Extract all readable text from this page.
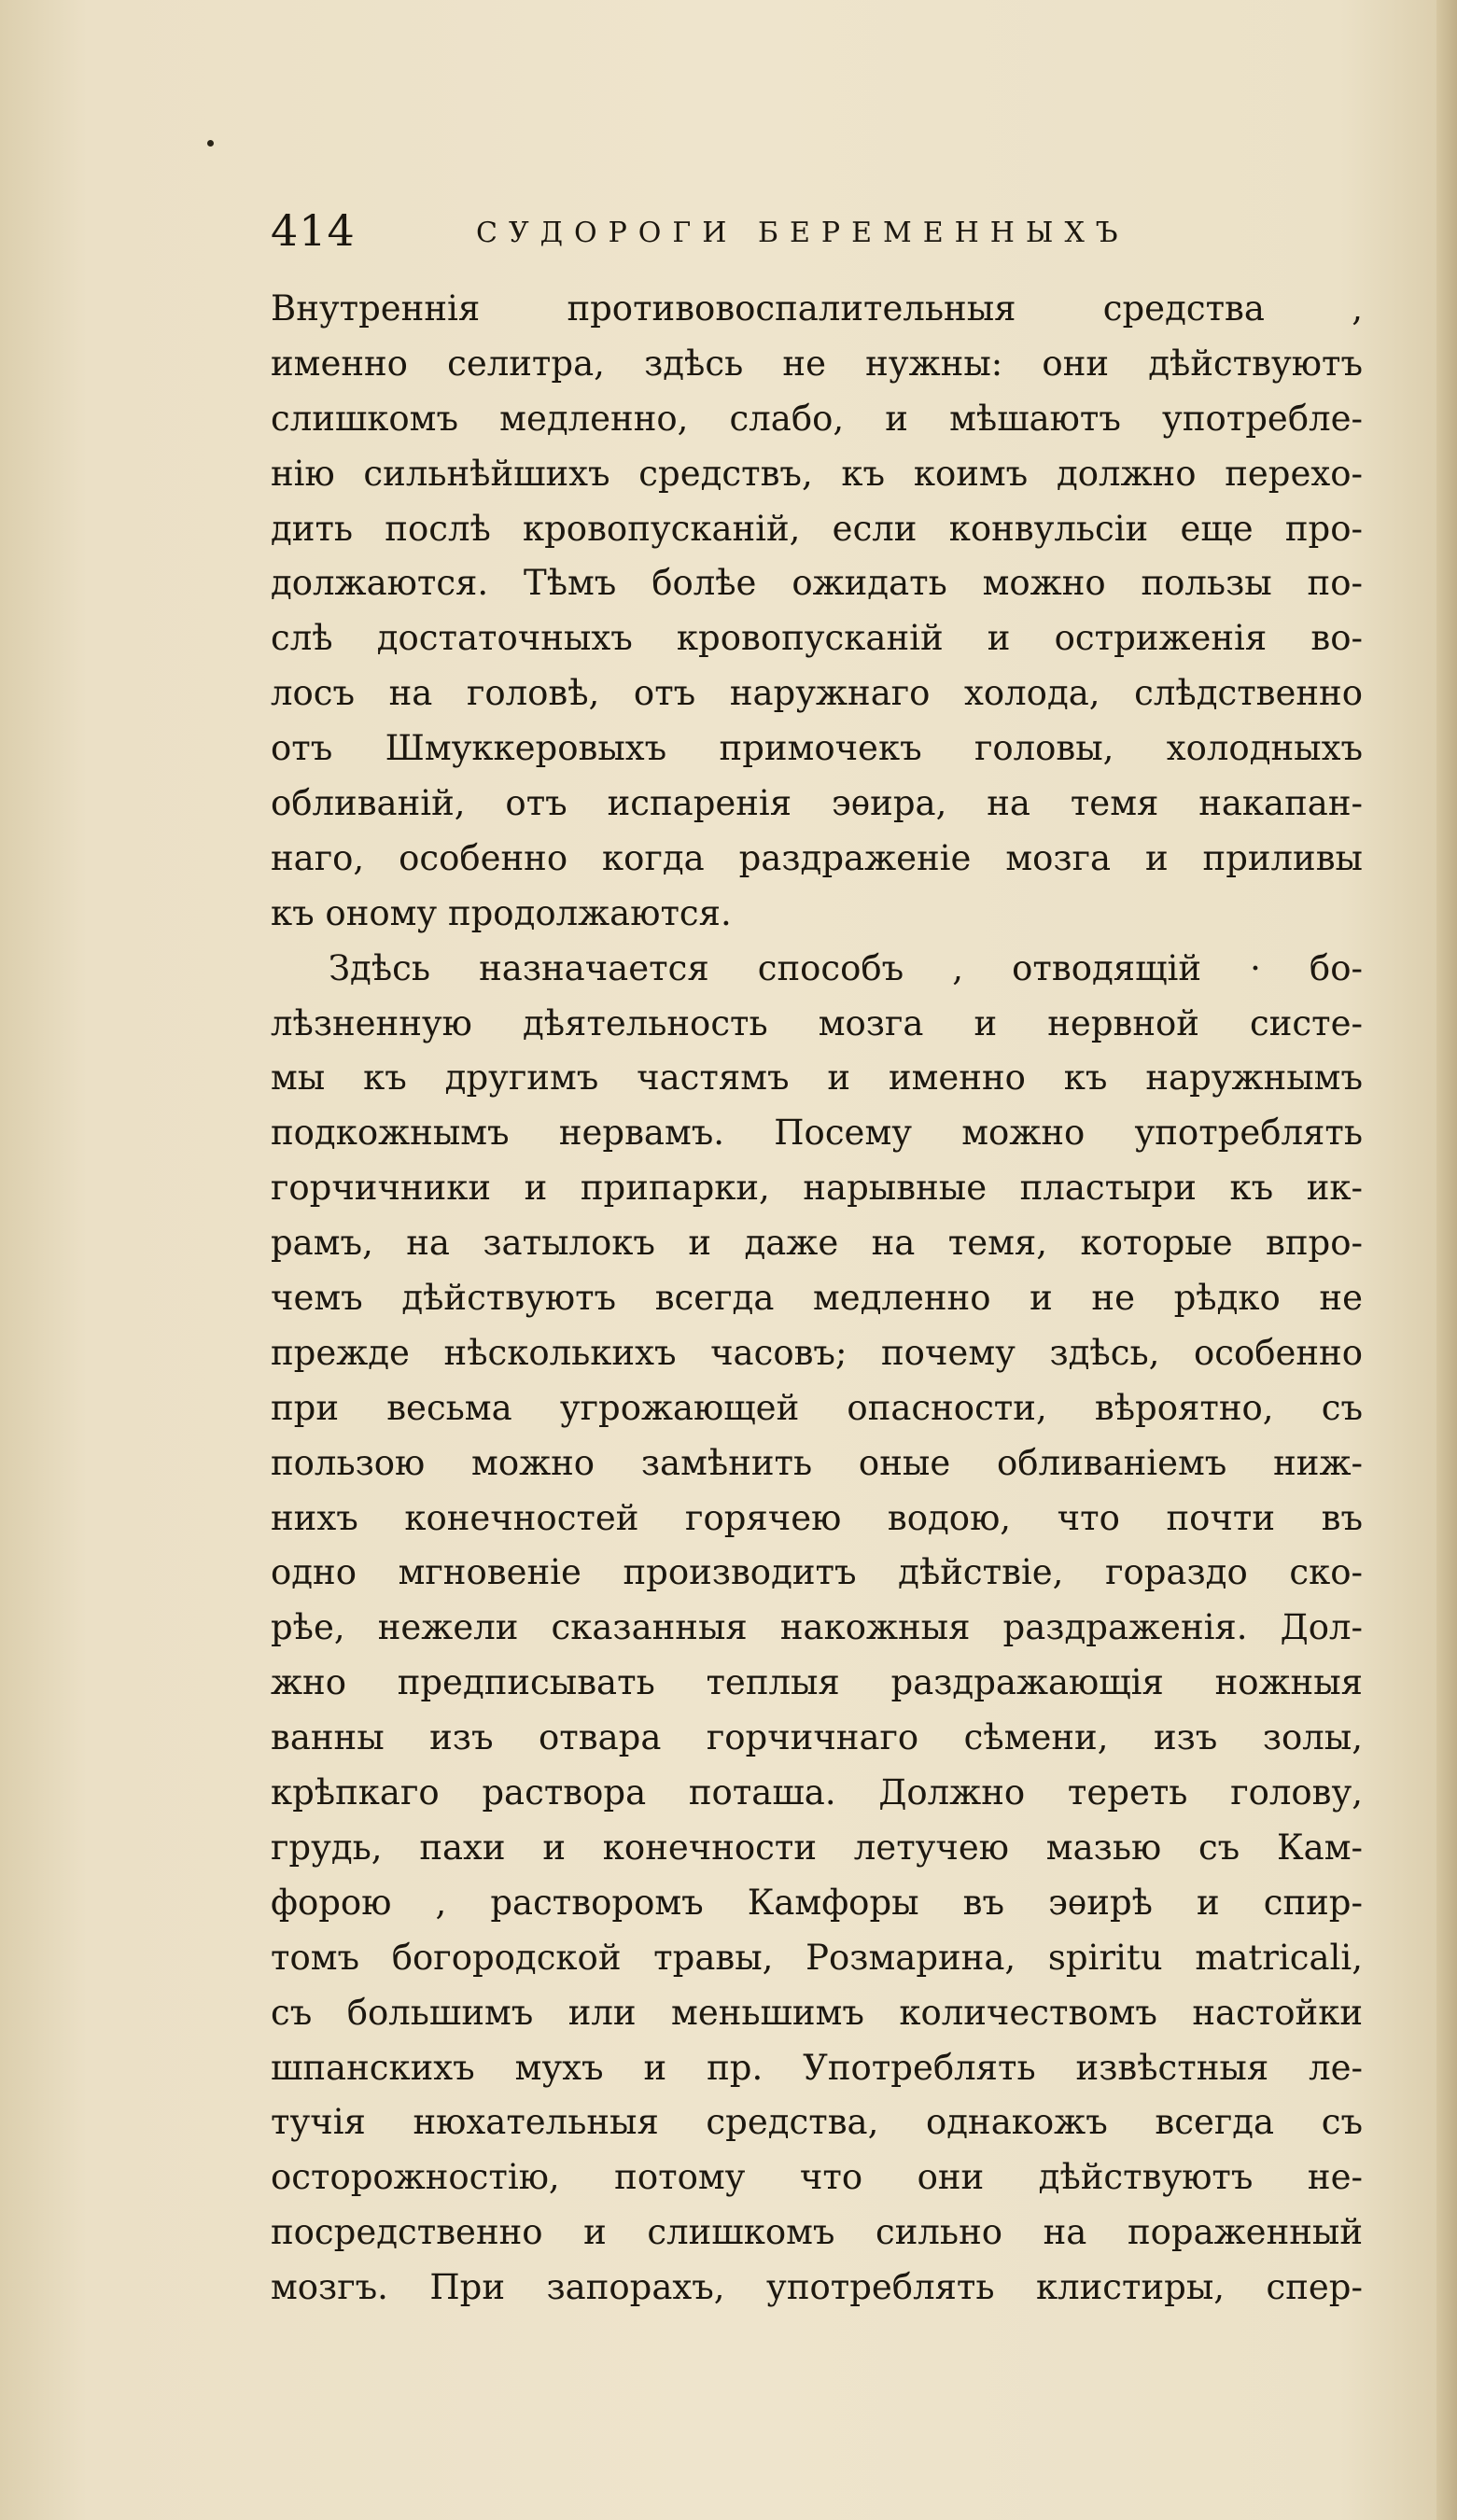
414	СУДОРОГИ БЕРЕМЕННЫХЪ
Внутреннія противовоспалительныя средства ,
именно селитра, здѣсь не нужны: они дѣйствуютъ
слишкомъ медленно, слабо, и мѣшаютъ употребле-
нію сильнѣйшихъ средствъ, къ коимъ должно перехо-
дить послѣ кровопусканій, если конвульсіи еще про-
должаются. Тѣмъ болѣе ожидать можно пользы по-
слѣ достаточныхъ кровопусканій и остриженія во-
лосъ на головѣ, отъ наружнаго холода, слѣдственно
отъ Шмуккеровыхъ примочекъ головы, холодныхъ
обливаній, отъ испаренія эѳира, на темя накапан-
наго, особенно когда раздраженіе мозга и приливы
къ оному продолжаются.
Здѣсь назначается способъ , отводящій · бо-
лѣзненную дѣятельность мозга и нервной систе-
мы къ другимъ частямъ и именно къ наружнымъ
подкожнымъ нервамъ. Посему можно употреблять
горчичники и припарки, нарывные пластыри къ ик-
рамъ, на затылокъ и даже на темя, которые впро-
чемъ дѣйствуютъ всегда медленно и не рѣдко не
прежде нѣсколькихъ часовъ; почему здѣсь, особенно
при весьма угрожающей опасности, вѣроятно, съ
пользою можно замѣнить оные обливаніемъ ниж-
нихъ конечностей горячею водою, что почти въ
одно мгновеніе производитъ дѣйствіе, гораздо ско-
рѣе, нежели сказанныя накожныя раздраженія. Дол-
жно предписывать теплыя раздражающія ножныя
ванны изъ отвара горчичнаго сѣмени, изъ золы,
крѣпкаго раствора поташа. Должно тереть голову,
грудь, пахи и конечности летучею мазью съ Кам-
форою , растворомъ Камфоры въ эѳирѣ и спир-
томъ богородской травы, Розмарина, spiritu matricali,
съ большимъ или меньшимъ количествомъ настойки
шпанскихъ мухъ и пр. Употреблять извѣстныя ле-
тучія нюхательныя средства, однакожъ всегда съ
осторожностію, потому что они дѣйствуютъ не-
посредственно и слишкомъ сильно на пораженный
мозгъ. При запорахъ, употреблять клистиры, спер-
